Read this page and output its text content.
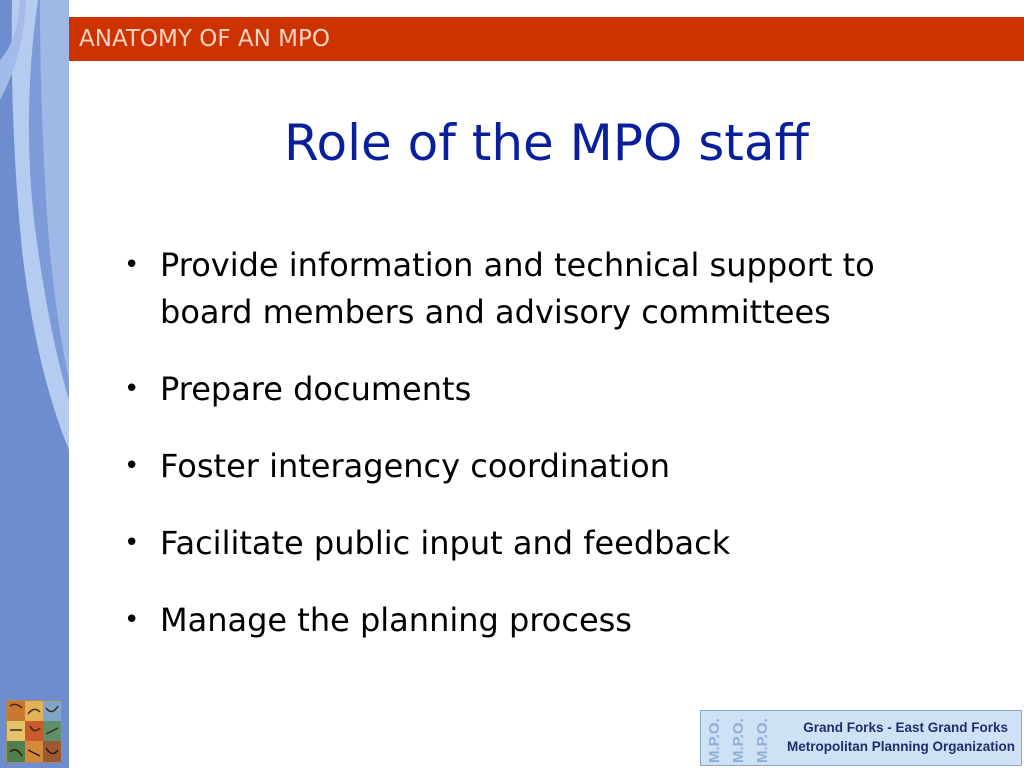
ANATOMY OF AN MPO
Role of the MPO staff
• Provide information and technical support to board members and advisory committees
• Prepare documents
• Foster interagency coordination
• Facilitate public input and feedback
• Manage the planning process
M.P.O. M.P.O. M.P.O. Grand Forks - East Grand Forks
Metropolitan Planning Organization
